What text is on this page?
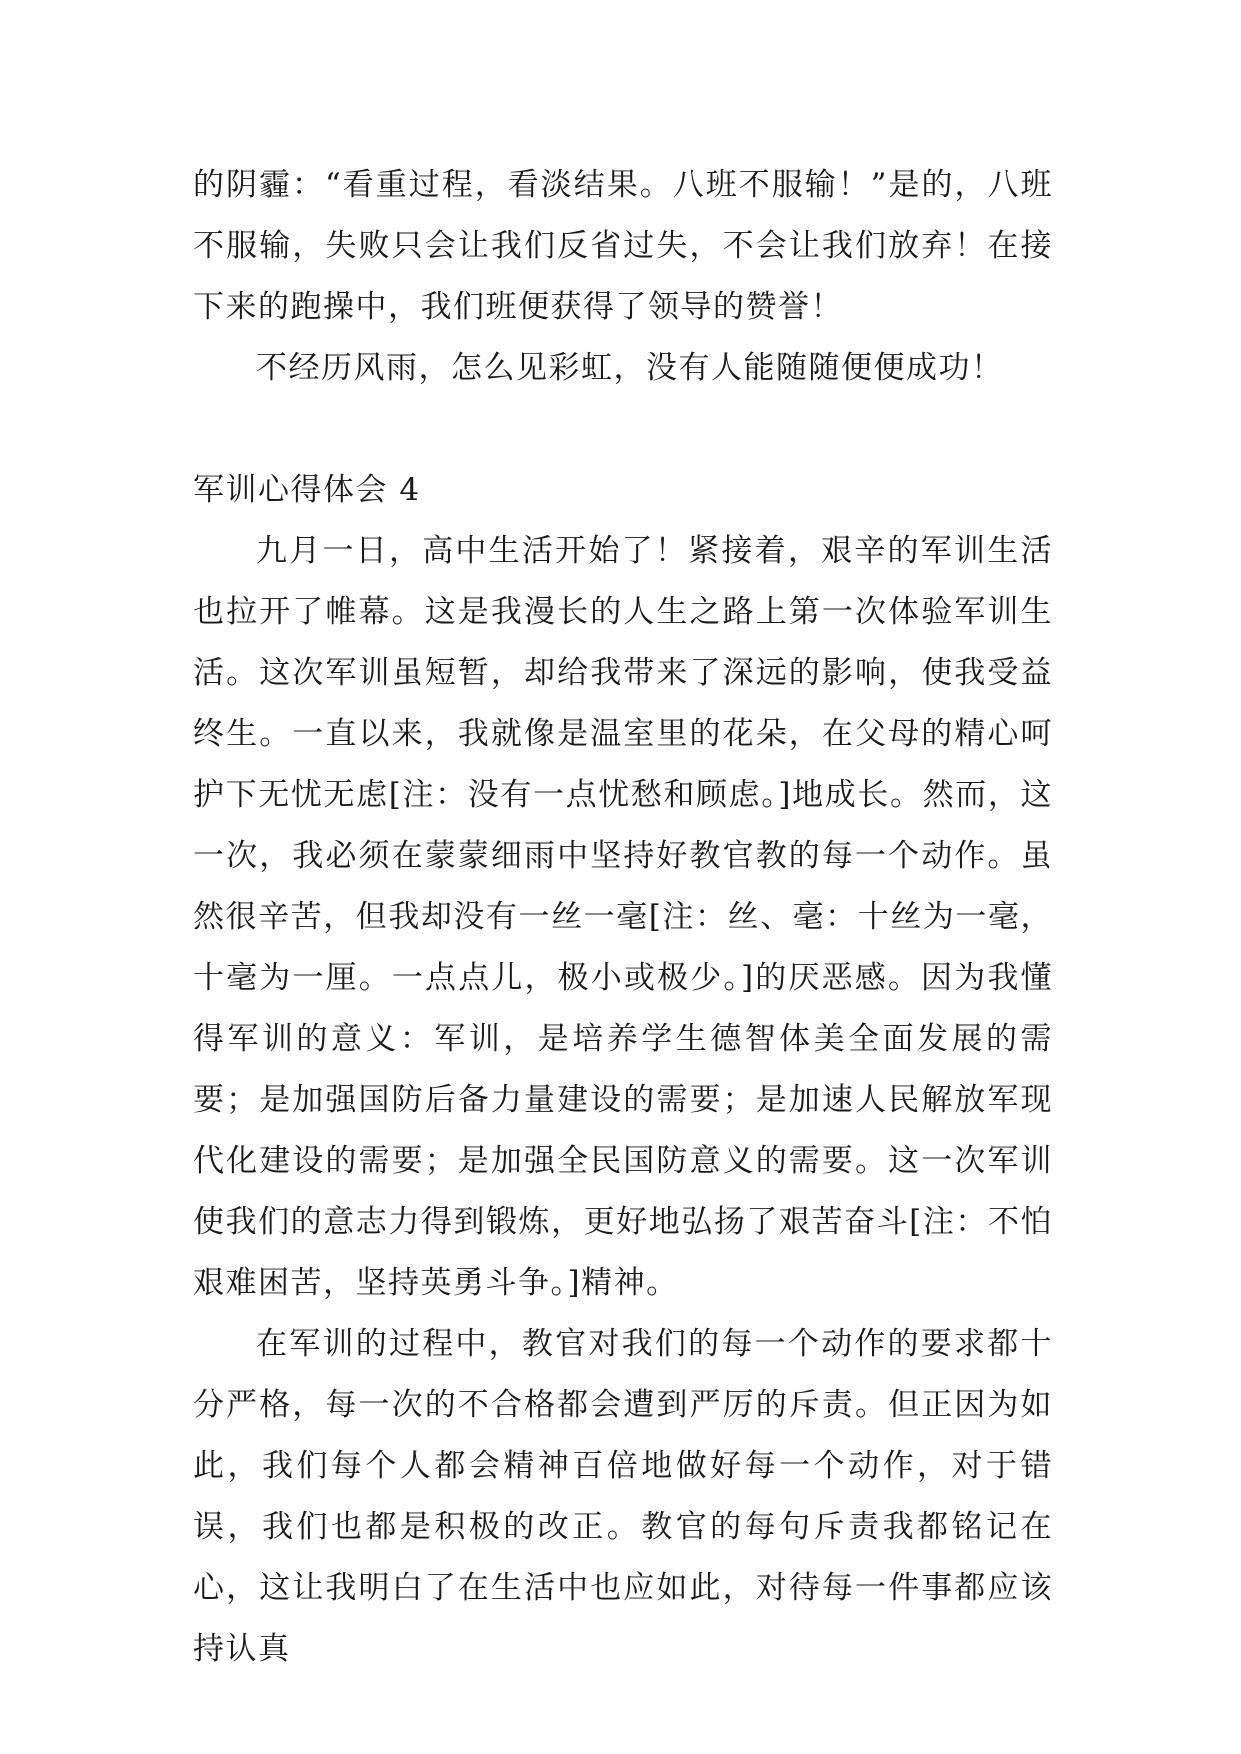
的阴霾：“看重过程，看淡结果。八班不服输！”是的，八班不服输，失败只会让我们反省过失，不会让我们放弃！在接下来的跑操中，我们班便获得了领导的赞誉！

不经历风雨，怎么见彩虹，没有人能随随便便成功！

军训心得体会 4

九月一日，高中生活开始了！紧接着，艰辛的军训生活也拉开了帷幕。这是我漫长的人生之路上第一次体验军训生活。这次军训虽短暂，却给我带来了深远的影响，使我受益终生。一直以来，我就像是温室里的花朵，在父母的精心呵护下无忧无虑[注：没有一点忧愁和顾虑。]地成长。然而，这一次，我必须在蒙蒙细雨中坚持好教官教的每一个动作。虽然很辛苦，但我却没有一丝一毫[注：丝、毫：十丝为一毫，十毫为一厘。一点点儿，极小或极少。]的厌恶感。因为我懂得军训的意义：军训，是培养学生德智体美全面发展的需要；是加强国防后备力量建设的需要；是加速人民解放军现代化建设的需要；是加强全民国防意义的需要。这一次军训使我们的意志力得到锻炼，更好地弘扬了艰苦奋斗[注：不怕艰难困苦，坚持英勇斗争。]精神。

在军训的过程中，教官对我们的每一个动作的要求都十分严格，每一次的不合格都会遭到严厉的斥责。但正因为如此，我们每个人都会精神百倍地做好每一个动作，对于错误，我们也都是积极的改正。教官的每句斥责我都铭记在心，这让我明白了在生活中也应如此，对待每一件事都应该持认真
